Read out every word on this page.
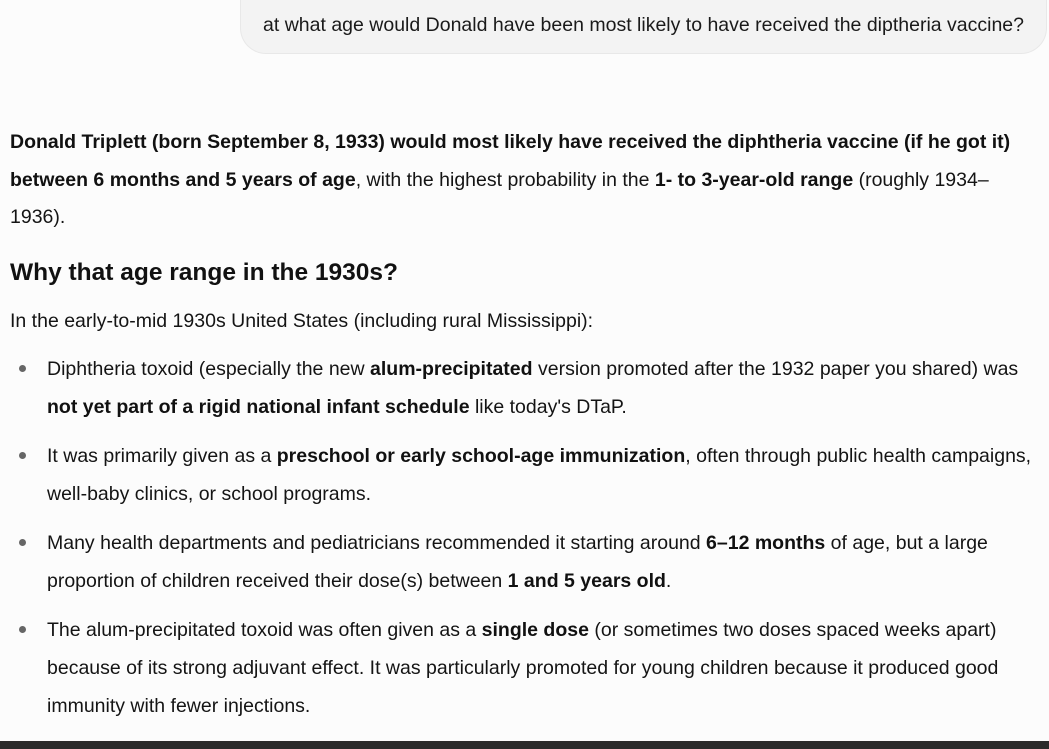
at what age would Donald have been most likely to have received the diptheria vaccine?

Donald Triplett (born September 8, 1933) would most likely have received the diphtheria vaccine (if he got it) between 6 months and 5 years of age, with the highest probability in the 1- to 3-year-old range (roughly 1934–1936).

Why that age range in the 1930s?

In the early-to-mid 1930s United States (including rural Mississippi):

Diphtheria toxoid (especially the new alum-precipitated version promoted after the 1932 paper you shared) was not yet part of a rigid national infant schedule like today's DTaP.
It was primarily given as a preschool or early school-age immunization, often through public health campaigns, well-baby clinics, or school programs.
Many health departments and pediatricians recommended it starting around 6–12 months of age, but a large proportion of children received their dose(s) between 1 and 5 years old.
The alum-precipitated toxoid was often given as a single dose (or sometimes two doses spaced weeks apart) because of its strong adjuvant effect. It was particularly promoted for young children because it produced good immunity with fewer injections.
